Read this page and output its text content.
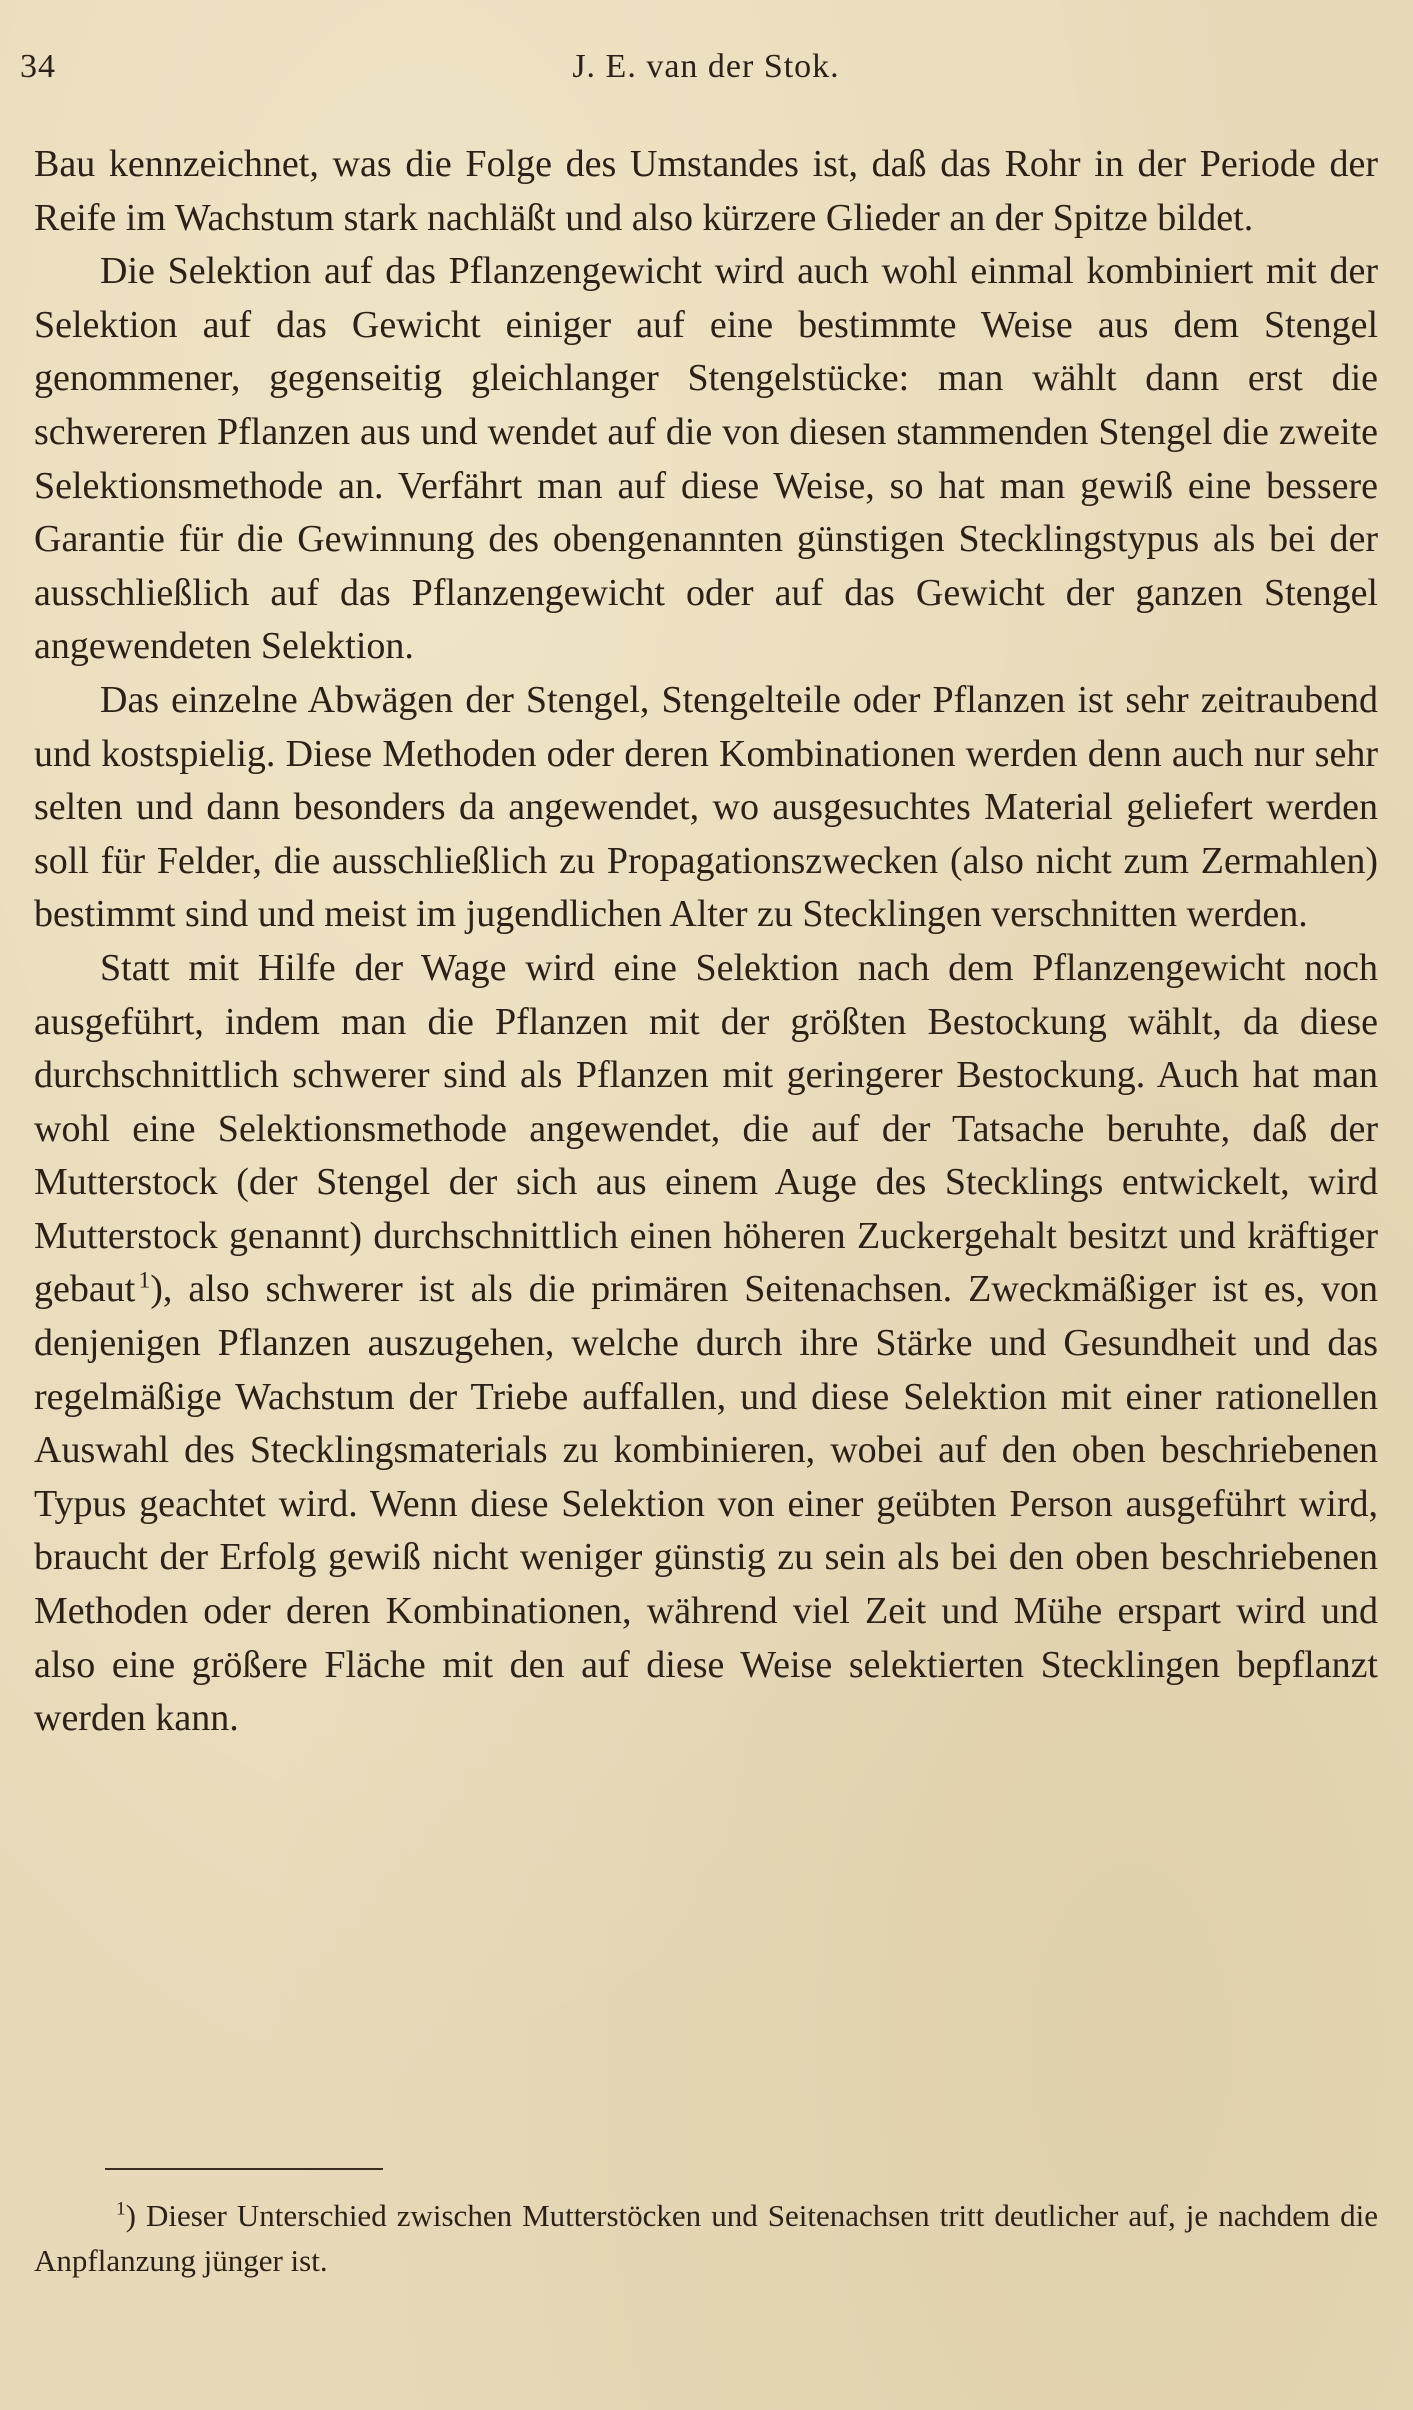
34	J. E. van der Stok.

Bau kennzeichnet, was die Folge des Umstandes ist, daß das Rohr in der Periode der Reife im Wachstum stark nachläßt und also kürzere Glieder an der Spitze bildet.

Die Selektion auf das Pflanzengewicht wird auch wohl einmal kombiniert mit der Selektion auf das Gewicht einiger auf eine bestimmte Weise aus dem Stengel genommener, gegenseitig gleichlanger Stengelstücke: man wählt dann erst die schwereren Pflanzen aus und wendet auf die von diesen stammenden Stengel die zweite Selektionsmethode an. Verfährt man auf diese Weise, so hat man gewiß eine bessere Garantie für die Gewinnung des obengenannten günstigen Stecklingstypus als bei der ausschließlich auf das Pflanzengewicht oder auf das Gewicht der ganzen Stengel angewendeten Selektion.

Das einzelne Abwägen der Stengel, Stengelteile oder Pflanzen ist sehr zeitraubend und kostspielig. Diese Methoden oder deren Kombinationen werden denn auch nur sehr selten und dann besonders da angewendet, wo ausgesuchtes Material geliefert werden soll für Felder, die ausschließlich zu Propagationszwecken (also nicht zum Zermahlen) bestimmt sind und meist im jugendlichen Alter zu Stecklingen verschnitten werden.

Statt mit Hilfe der Wage wird eine Selektion nach dem Pflanzengewicht noch ausgeführt, indem man die Pflanzen mit der größten Bestockung wählt, da diese durchschnittlich schwerer sind als Pflanzen mit geringerer Bestockung. Auch hat man wohl eine Selektionsmethode angewendet, die auf der Tatsache beruhte, daß der Mutterstock (der Stengel der sich aus einem Auge des Stecklings entwickelt, wird Mutterstock genannt) durchschnittlich einen höheren Zuckergehalt besitzt und kräftiger gebaut  $^1$), also schwerer ist als die primären Seitenachsen. Zweckmäßiger ist es, von denjenigen Pflanzen auszugehen, welche durch ihre Stärke und Gesundheit und das regelmäßige Wachstum der Triebe auffallen, und diese Selektion mit einer rationellen Auswahl des Stecklingsmaterials zu kombinieren, wobei auf den oben beschriebenen Typus geachtet wird. Wenn diese Selektion von einer geübten Person ausgeführt wird, braucht der Erfolg gewiß nicht weniger günstig zu sein als bei den oben beschriebenen Methoden oder deren Kombinationen, während viel Zeit und Mühe erspart wird und also eine größere Fläche mit den auf diese Weise selektierten Stecklingen bepflanzt werden kann.

$^1$) Dieser Unterschied zwischen Mutterstöcken und Seitenachsen tritt deutlicher auf, je nachdem die Anpflanzung jünger ist.
